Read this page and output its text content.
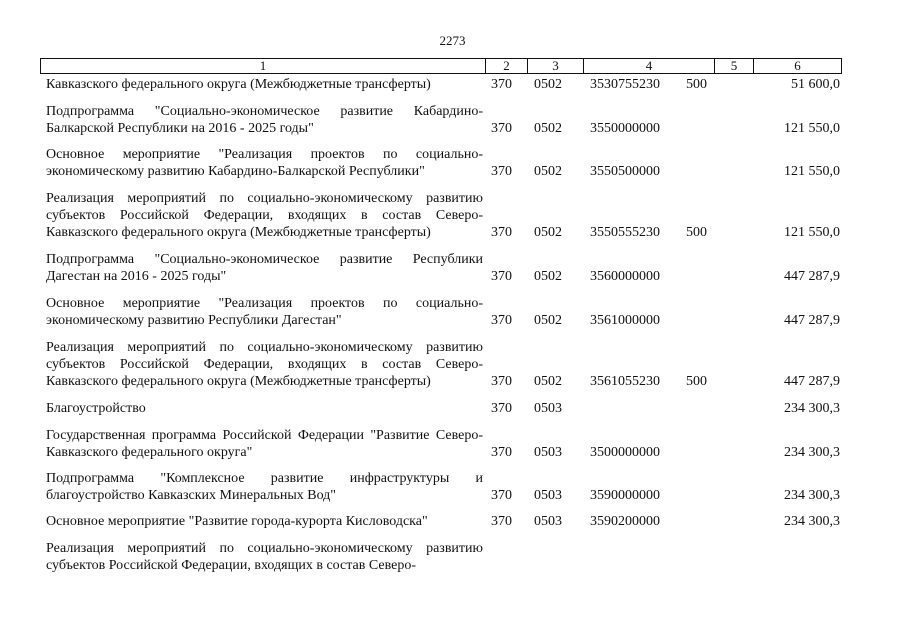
2273
1	2	3	4	5	6
Кавказского федерального округа (Межбюджетные трансферты)	370 0502 3530755230 500	51 600,0
Подпрограмма "Социально-экономическое развитие Кабардино-Балкарской Республики на 2016 - 2025 годы"	370 0502 3550000000	121 550,0
Основное мероприятие "Реализация проектов по социально-экономическому развитию Кабардино-Балкарской Республики"	370 0502 3550500000	121 550,0
Реализация мероприятий по социально-экономическому развитию субъектов Российской Федерации, входящих в состав Северо-Кавказского федерального округа (Межбюджетные трансферты)	370 0502 3550555230 500	121 550,0
Подпрограмма "Социально-экономическое развитие Республики Дагестан на 2016 - 2025 годы"	370 0502 3560000000	447 287,9
Основное мероприятие "Реализация проектов по социально-экономическому развитию Республики Дагестан"	370 0502 3561000000	447 287,9
Реализация мероприятий по социально-экономическому развитию субъектов Российской Федерации, входящих в состав Северо-Кавказского федерального округа (Межбюджетные трансферты)	370 0502 3561055230 500	447 287,9
Благоустройство	370 0503	234 300,3
Государственная программа Российской Федерации "Развитие Северо-Кавказского федерального округа"	370 0503 3500000000	234 300,3
Подпрограмма "Комплексное развитие инфраструктуры и благоустройство Кавказских Минеральных Вод"	370 0503 3590000000	234 300,3
Основное мероприятие "Развитие города-курорта Кисловодска"	370 0503 3590200000	234 300,3
Реализация мероприятий по социально-экономическому развитию субъектов Российской Федерации, входящих в состав Северо-
